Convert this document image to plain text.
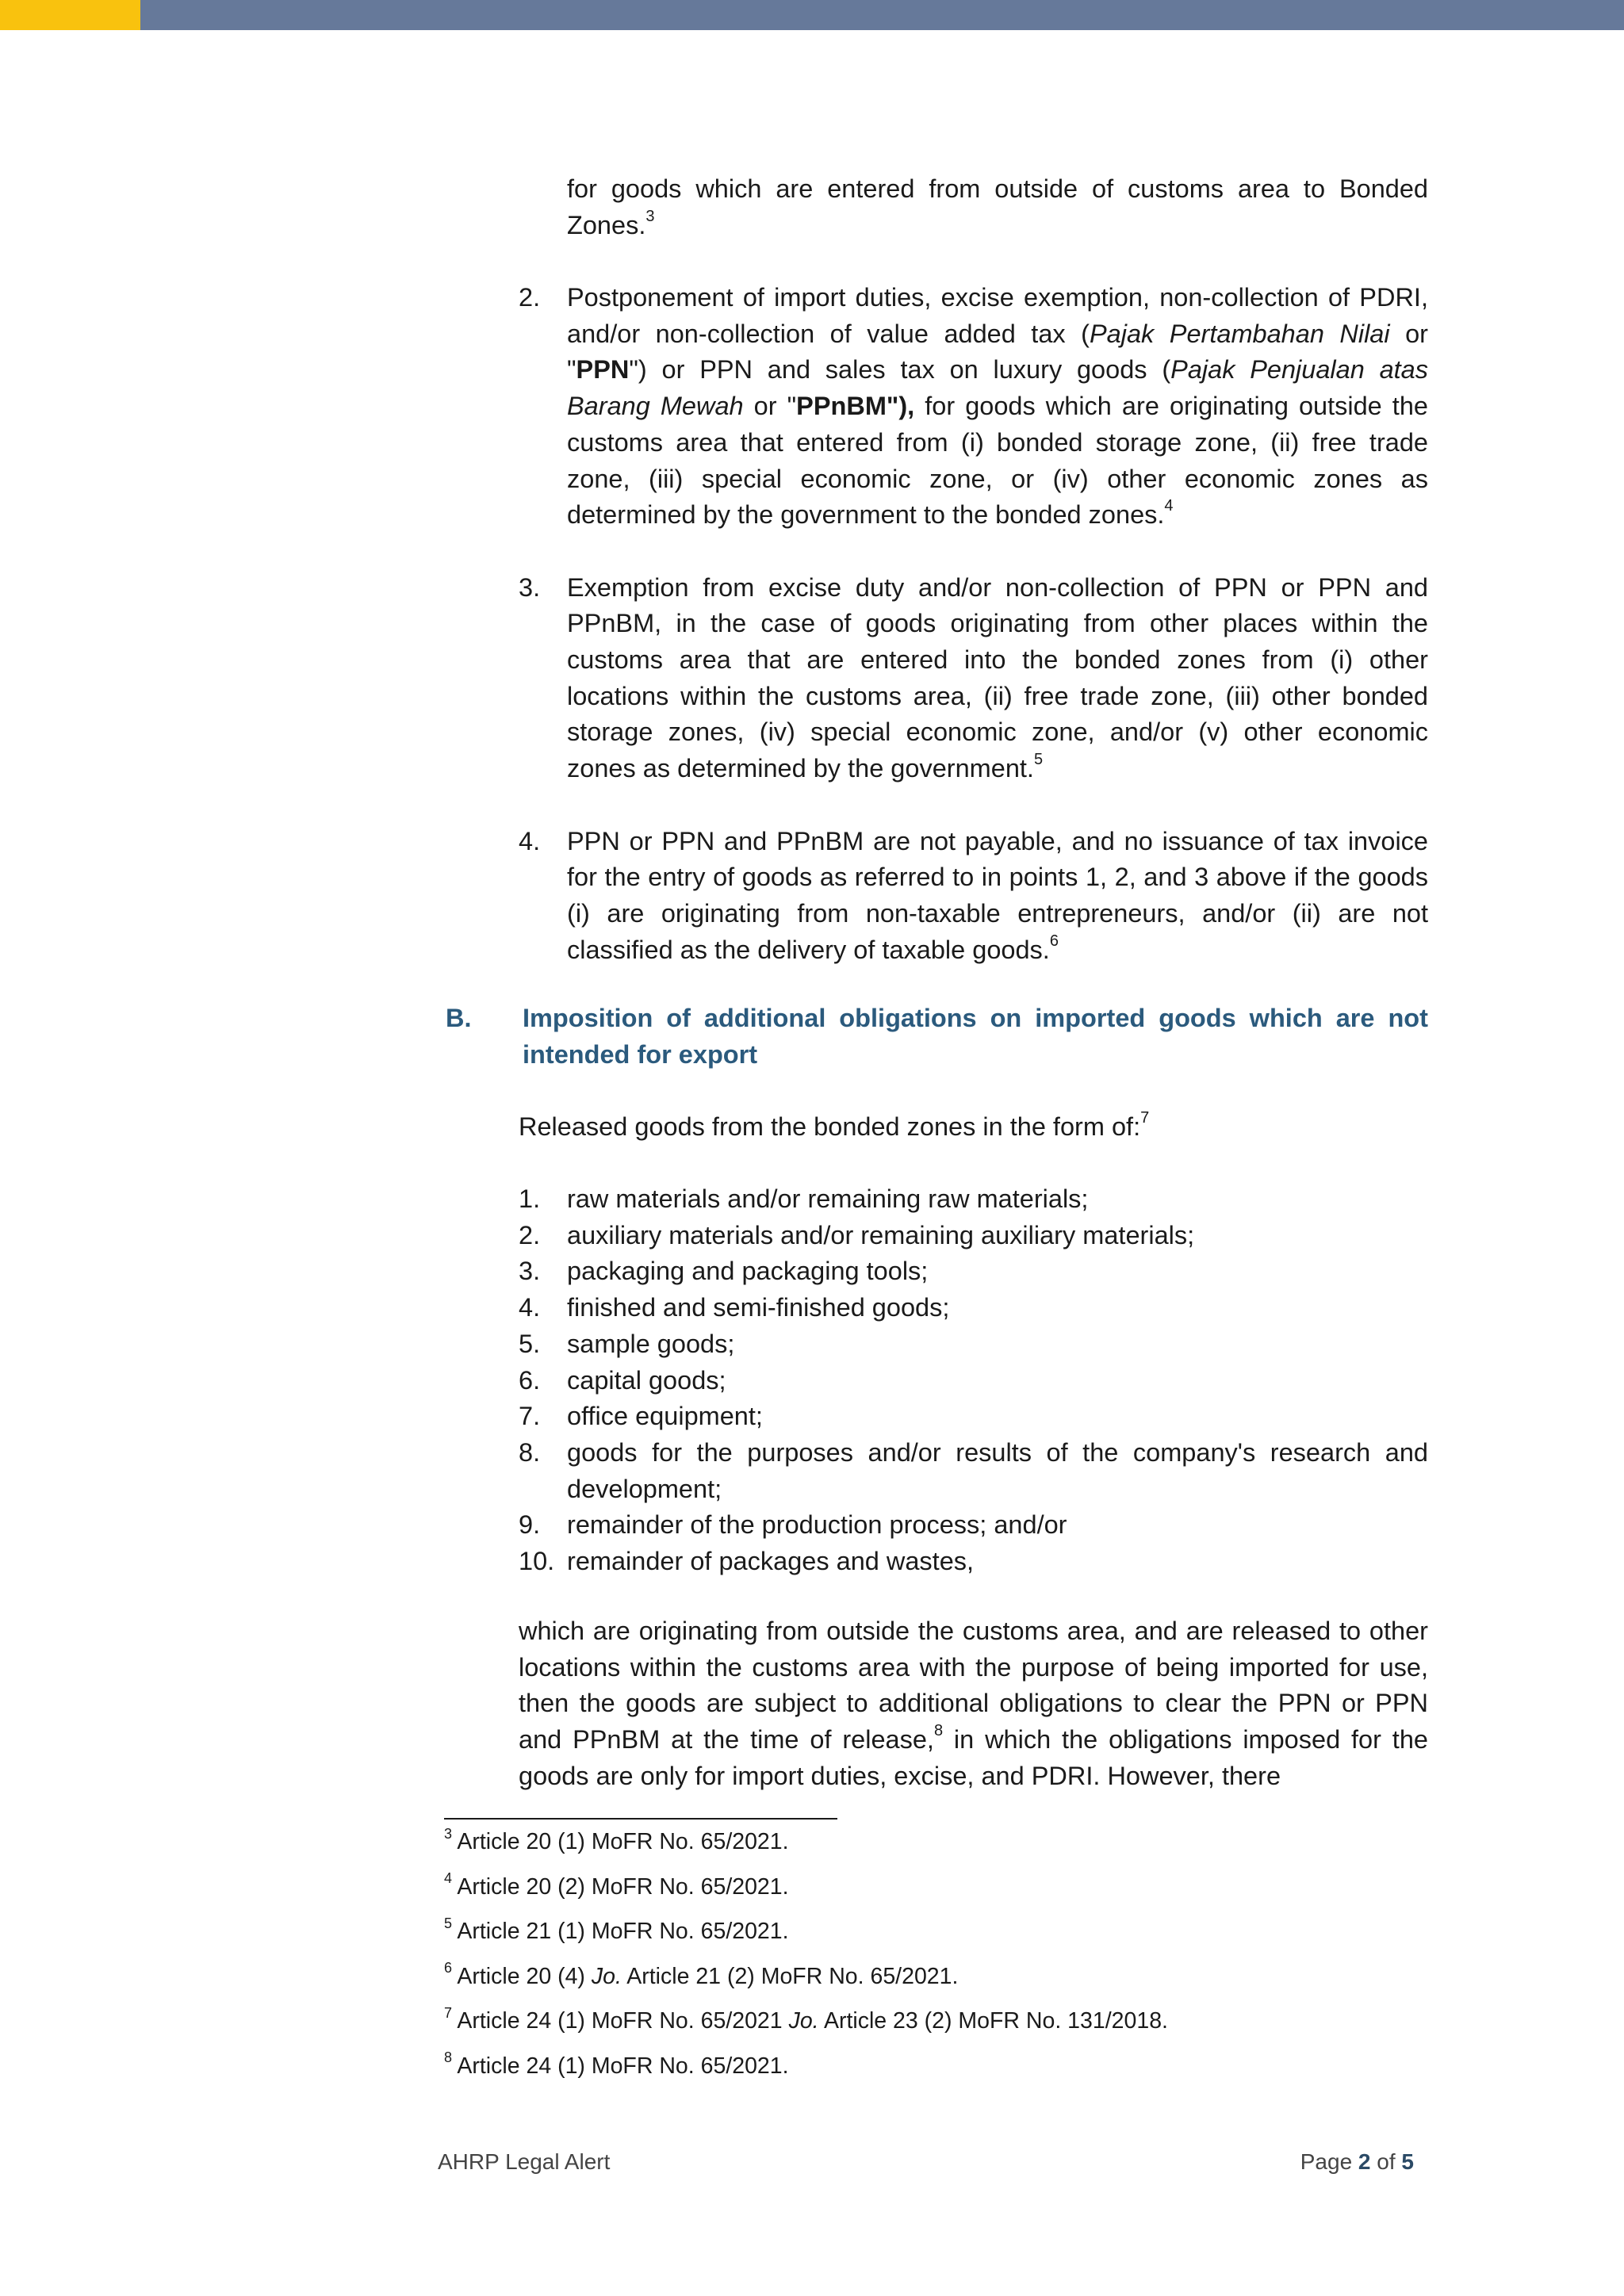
for goods which are entered from outside of customs area to Bonded Zones.$^3$

2. Postponement of import duties, excise exemption, non-collection of PDRI, and/or non-collection of value added tax (Pajak Pertambahan Nilai or "PPN") or PPN and sales tax on luxury goods (Pajak Penjualan atas Barang Mewah or "PPnBM"), for goods which are originating outside the customs area that entered from (i) bonded storage zone, (ii) free trade zone, (iii) special economic zone, or (iv) other economic zones as determined by the government to the bonded zones.$^4$

3. Exemption from excise duty and/or non-collection of PPN or PPN and PPnBM, in the case of goods originating from other places within the customs area that are entered into the bonded zones from (i) other locations within the customs area, (ii) free trade zone, (iii) other bonded storage zones, (iv) special economic zone, and/or (v) other economic zones as determined by the government.$^5$

4. PPN or PPN and PPnBM are not payable, and no issuance of tax invoice for the entry of goods as referred to in points 1, 2, and 3 above if the goods (i) are originating from non-taxable entrepreneurs, and/or (ii) are not classified as the delivery of taxable goods.$^6$

B. Imposition of additional obligations on imported goods which are not intended for export

Released goods from the bonded zones in the form of:$^7$

1. raw materials and/or remaining raw materials;

2. auxiliary materials and/or remaining auxiliary materials;

3. packaging and packaging tools;

4. finished and semi-finished goods;

5. sample goods;

6. capital goods;

7. office equipment;

8. goods for the purposes and/or results of the company's research and development;

9. remainder of the production process; and/or

10. remainder of packages and wastes,

which are originating from outside the customs area, and are released to other locations within the customs area with the purpose of being imported for use, then the goods are subject to additional obligations to clear the PPN or PPN and PPnBM at the time of release,$^8$ in which the obligations imposed for the goods are only for import duties, excise, and PDRI. However, there

$^3$ Article 20 (1) MoFR No. 65/2021.

$^4$ Article 20 (2) MoFR No. 65/2021.

$^5$ Article 21 (1) MoFR No. 65/2021.

$^6$ Article 20 (4) Jo. Article 21 (2) MoFR No. 65/2021.

$^7$ Article 24 (1) MoFR No. 65/2021 Jo. Article 23 (2) MoFR No. 131/2018.

$^8$ Article 24 (1) MoFR No. 65/2021.

AHRP Legal Alert	Page 2 of 5
